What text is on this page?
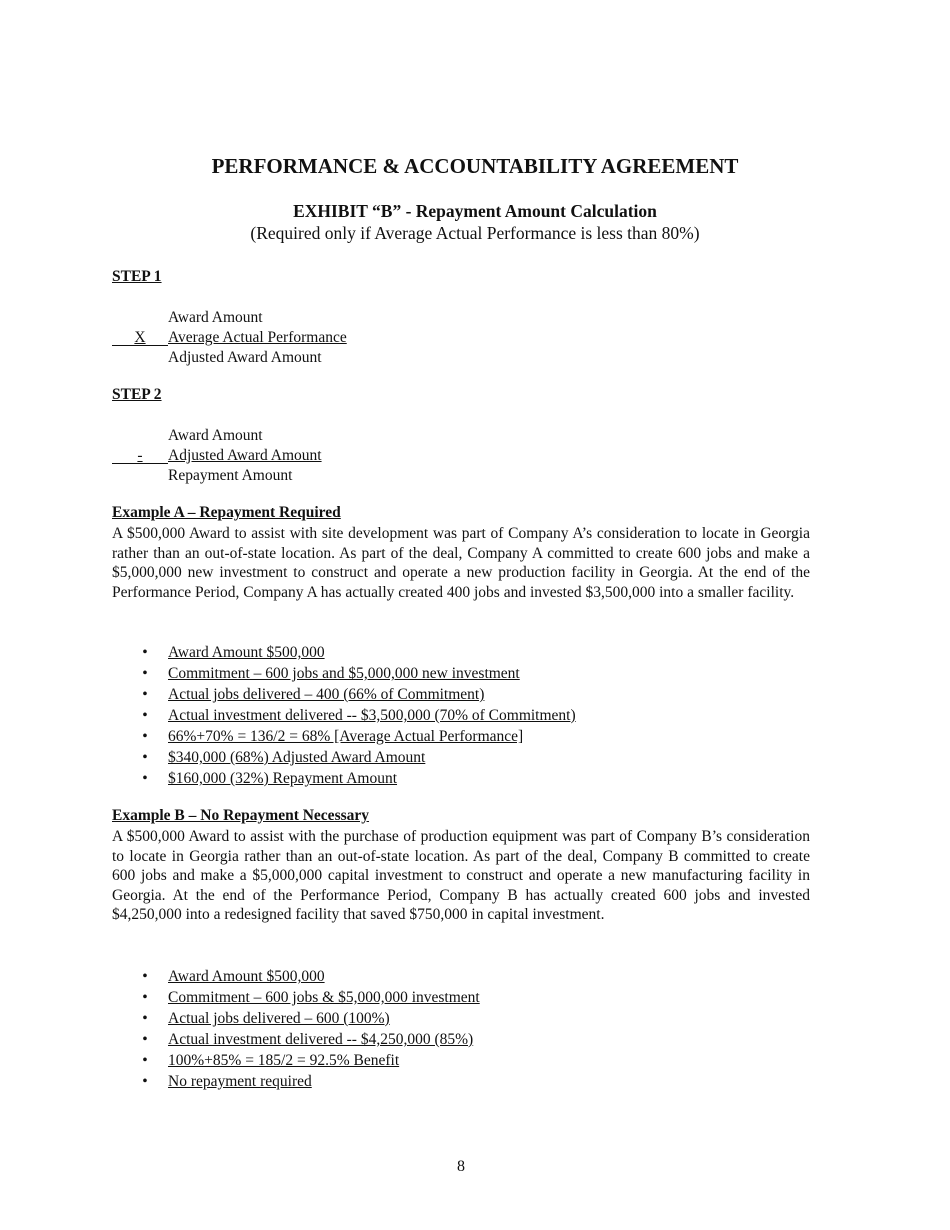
PERFORMANCE & ACCOUNTABILITY AGREEMENT
EXHIBIT “B” - Repayment Amount Calculation
(Required only if Average Actual Performance is less than 80%)
STEP 1
Award Amount
X	Average Actual Performance
Adjusted Award Amount
STEP 2
Award Amount
-	Adjusted Award Amount
Repayment Amount
Example A – Repayment Required

A $500,000 Award to assist with site development was part of Company A’s consideration to locate in Georgia rather than an out-of-state location. As part of the deal, Company A committed to create 600 jobs and make a $5,000,000 new investment to construct and operate a new production facility in Georgia. At the end of the Performance Period, Company A has actually created 400 jobs and invested $3,500,000 into a smaller facility.

• Award Amount $500,000
• Commitment – 600 jobs and $5,000,000 new investment
• Actual jobs delivered – 400 (66% of Commitment)
• Actual investment delivered -- $3,500,000 (70% of Commitment)
• 66%+70% = 136/2 = 68% [Average Actual Performance]
• $340,000 (68%) Adjusted Award Amount
• $160,000 (32%) Repayment Amount
Example B – No Repayment Necessary

A $500,000 Award to assist with the purchase of production equipment was part of Company B’s consideration to locate in Georgia rather than an out-of-state location. As part of the deal, Company B committed to create 600 jobs and make a $5,000,000 capital investment to construct and operate a new manufacturing facility in Georgia. At the end of the Performance Period, Company B has actually created 600 jobs and invested $4,250,000 into a redesigned facility that saved $750,000 in capital investment.

• Award Amount $500,000
• Commitment – 600 jobs & $5,000,000 investment
• Actual jobs delivered – 600 (100%)
• Actual investment delivered -- $4,250,000 (85%)
• 100%+85% = 185/2 = 92.5% Benefit
• No repayment required
8
